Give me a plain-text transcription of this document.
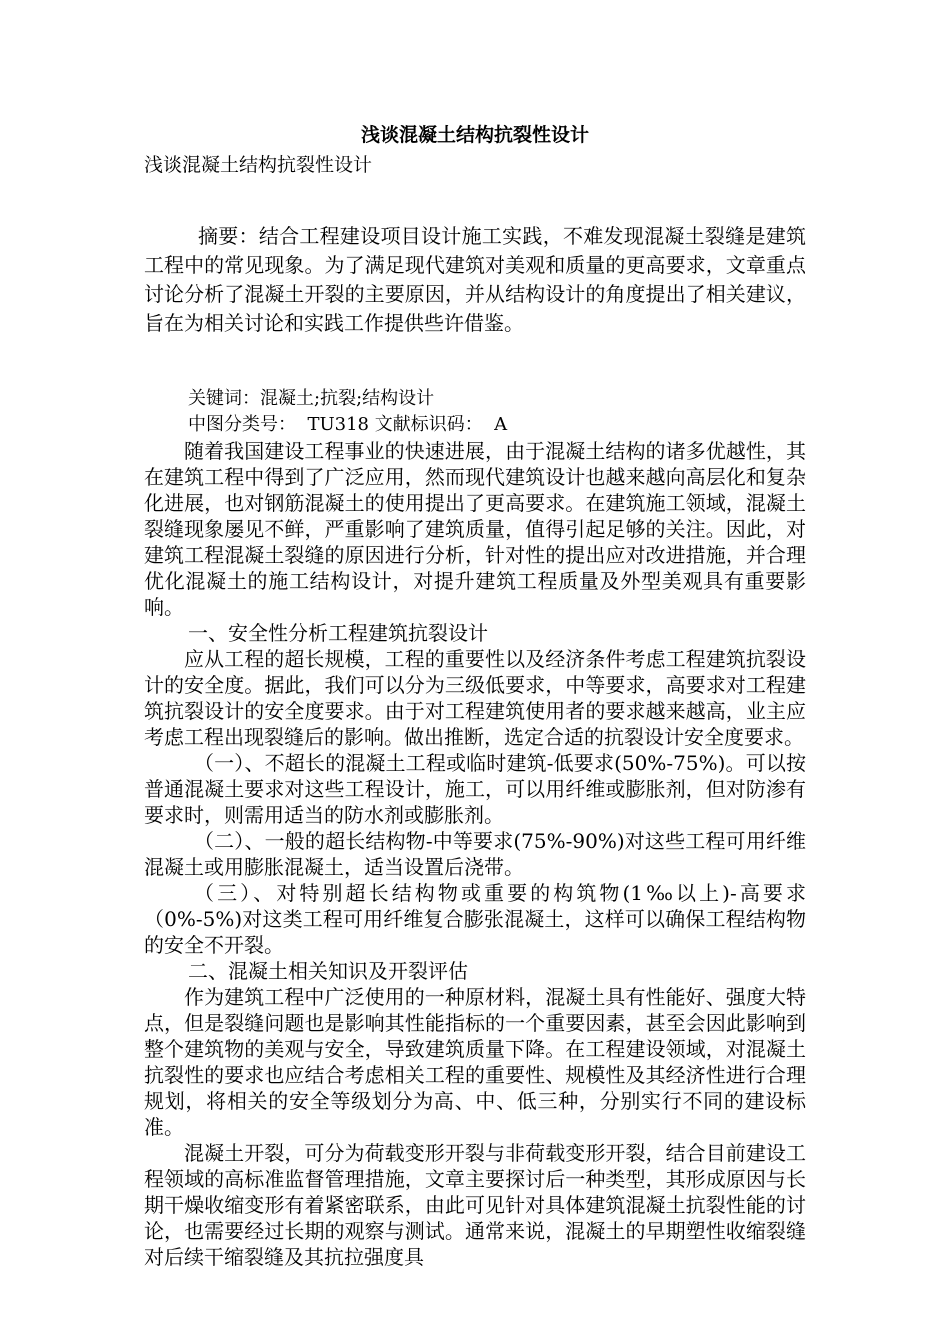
浅谈混凝土结构抗裂性设计

浅谈混凝土结构抗裂性设计

摘要：结合工程建设项目设计施工实践，不难发现混凝土裂缝是建筑工程中的常见现象。为了满足现代建筑对美观和质量的更高要求，文章重点讨论分析了混凝土开裂的主要原因，并从结构设计的角度提出了相关建议，旨在为相关讨论和实践工作提供些许借鉴。

关键词：混凝土;抗裂;结构设计

中图分类号：  TU318 文献标识码：  A

随着我国建设工程事业的快速进展，由于混凝土结构的诸多优越性，其在建筑工程中得到了广泛应用，然而现代建筑设计也越来越向高层化和复杂化进展，也对钢筋混凝土的使用提出了更高要求。在建筑施工领域，混凝土裂缝现象屡见不鲜，严重影响了建筑质量，值得引起足够的关注。因此，对建筑工程混凝土裂缝的原因进行分析，针对性的提出应对改进措施，并合理优化混凝土的施工结构设计，对提升建筑工程质量及外型美观具有重要影响。

一、安全性分析工程建筑抗裂设计

应从工程的超长规模，工程的重要性以及经济条件考虑工程建筑抗裂设计的安全度。据此，我们可以分为三级低要求，中等要求，高要求对工程建筑抗裂设计的安全度要求。由于对工程建筑使用者的要求越来越高，业主应考虑工程出现裂缝后的影响。做出推断，选定合适的抗裂设计安全度要求。

（一）、不超长的混凝土工程或临时建筑-低要求(50%-75%)。可以按普通混凝土要求对这些工程设计，施工，可以用纤维或膨胀剂，但对防渗有要求时，则需用适当的防水剂或膨胀剂。

（二）、一般的超长结构物-中等要求(75%-90%)对这些工程可用纤维混凝土或用膨胀混凝土，适当设置后浇带。

（三）、对特别超长结构物或重要的构筑物(1‰以上)-高要求（0%-5%)对这类工程可用纤维复合膨张混凝土，这样可以确保工程结构物的安全不开裂。

二、混凝土相关知识及开裂评估

作为建筑工程中广泛使用的一种原材料，混凝土具有性能好、强度大特点，但是裂缝问题也是影响其性能指标的一个重要因素，甚至会因此影响到整个建筑物的美观与安全，导致建筑质量下降。在工程建设领域，对混凝土抗裂性的要求也应结合考虑相关工程的重要性、规模性及其经济性进行合理规划，将相关的安全等级划分为高、中、低三种，分别实行不同的建设标准。

混凝土开裂，可分为荷载变形开裂与非荷载变形开裂，结合目前建设工程领域的高标准监督管理措施，文章主要探讨后一种类型，其形成原因与长期干燥收缩变形有着紧密联系，由此可见针对具体建筑混凝土抗裂性能的讨论，也需要经过长期的观察与测试。通常来说，混凝土的早期塑性收缩裂缝对后续干缩裂缝及其抗拉强度具
